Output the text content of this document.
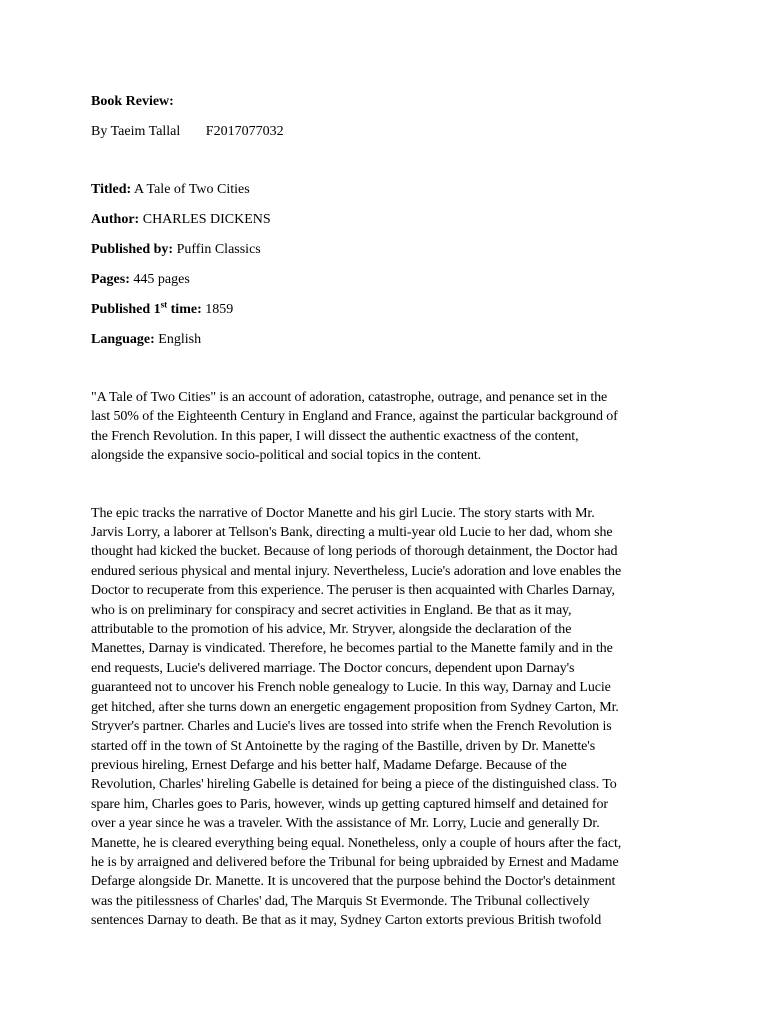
Book Review:
By Taeim Tallal F2017077032
Titled: A Tale of Two Cities
Author: CHARLES DICKENS
Published by: Puffin Classics
Pages: 445 pages
Published 1st time: 1859
Language: English
"A Tale of Two Cities" is an account of adoration, catastrophe, outrage, and penance set in the
last 50% of the Eighteenth Century in England and France, against the particular background of
the French Revolution. In this paper, I will dissect the authentic exactness of the content,
alongside the expansive socio-political and social topics in the content.
The epic tracks the narrative of Doctor Manette and his girl Lucie. The story starts with Mr.
Jarvis Lorry, a laborer at Tellson's Bank, directing a multi-year old Lucie to her dad, whom she
thought had kicked the bucket. Because of long periods of thorough detainment, the Doctor had
endured serious physical and mental injury. Nevertheless, Lucie's adoration and love enables the
Doctor to recuperate from this experience. The peruser is then acquainted with Charles Darnay,
who is on preliminary for conspiracy and secret activities in England. Be that as it may,
attributable to the promotion of his advice, Mr. Stryver, alongside the declaration of the
Manettes, Darnay is vindicated. Therefore, he becomes partial to the Manette family and in the
end requests, Lucie's delivered marriage. The Doctor concurs, dependent upon Darnay's
guaranteed not to uncover his French noble genealogy to Lucie. In this way, Darnay and Lucie
get hitched, after she turns down an energetic engagement proposition from Sydney Carton, Mr.
Stryver's partner. Charles and Lucie's lives are tossed into strife when the French Revolution is
started off in the town of St Antoinette by the raging of the Bastille, driven by Dr. Manette's
previous hireling, Ernest Defarge and his better half, Madame Defarge. Because of the
Revolution, Charles' hireling Gabelle is detained for being a piece of the distinguished class. To
spare him, Charles goes to Paris, however, winds up getting captured himself and detained for
over a year since he was a traveler. With the assistance of Mr. Lorry, Lucie and generally Dr.
Manette, he is cleared everything being equal. Nonetheless, only a couple of hours after the fact,
he is by arraigned and delivered before the Tribunal for being upbraided by Ernest and Madame
Defarge alongside Dr. Manette. It is uncovered that the purpose behind the Doctor's detainment
was the pitilessness of Charles' dad, The Marquis St Evermonde. The Tribunal collectively
sentences Darnay to death. Be that as it may, Sydney Carton extorts previous British twofold
